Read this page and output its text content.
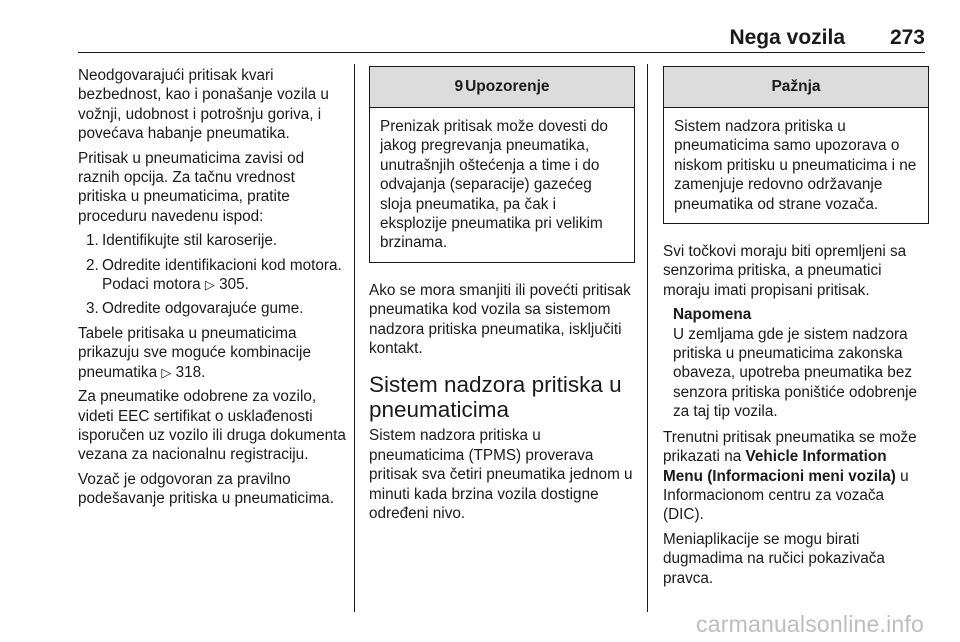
Nega vozila 273

Neodgovarajući pritisak kvari bezbednost, kao i ponašanje vozila u vožnji, udobnost i potrošnju goriva, i povećava habanje pneumatika.

Pritisak u pneumaticima zavisi od raznih opcija. Za tačnu vrednost pritiska u pneumaticima, pratite proceduru navedenu ispod:

1. Identifikujte stil karoserije.
2. Odredite identifikacioni kod motora. Podaci motora ▷ 305.
3. Odredite odgovarajuće gume.

Tabele pritisaka u pneumaticima prikazuju sve moguće kombinacije pneumatika ▷ 318.

Za pneumatike odobrene za vozilo, videti EEC sertifikat o usklađenosti isporučen uz vozilo ili druga dokumenta vezana za nacionalnu registraciju.

Vozač je odgovoran za pravilno podešavanje pritiska u pneumaticima.

9 Upozorenje
Prenizak pritisak može dovesti do jakog pregrevanja pneumatika, unutrašnjih oštećenja a time i do odvajanja (separacije) gazećeg sloja pneumatika, pa čak i eksplozije pneumatika pri velikim brzinama.

Ako se mora smanjiti ili povećti pritisak pneumatika kod vozila sa sistemom nadzora pritiska pneumatika, isključiti kontakt.

Sistem nadzora pritiska u pneumaticima

Sistem nadzora pritiska u pneumaticima (TPMS) proverava pritisak sva četiri pneumatika jednom u minuti kada brzina vozila dostigne određeni nivo.

Pažnja
Sistem nadzora pritiska u pneumaticima samo upozorava o niskom pritisku u pneumaticima i ne zamenjuje redovno održavanje pneumatika od strane vozača.

Svi točkovi moraju biti opremljeni sa senzorima pritiska, a pneumatici moraju imati propisani pritisak.

Napomena
U zemljama gde je sistem nadzora pritiska u pneumaticima zakonska obaveza, upotreba pneumatika bez senzora pritiska poništiće odobrenje za taj tip vozila.

Trenutni pritisak pneumatika se može prikazati na Vehicle Information Menu (Informacioni meni vozila) u Informacionom centru za vozača (DIC).

Meniaplikacije se mogu birati dugmadima na ručici pokazivača pravca.

carmanualsonline.info
